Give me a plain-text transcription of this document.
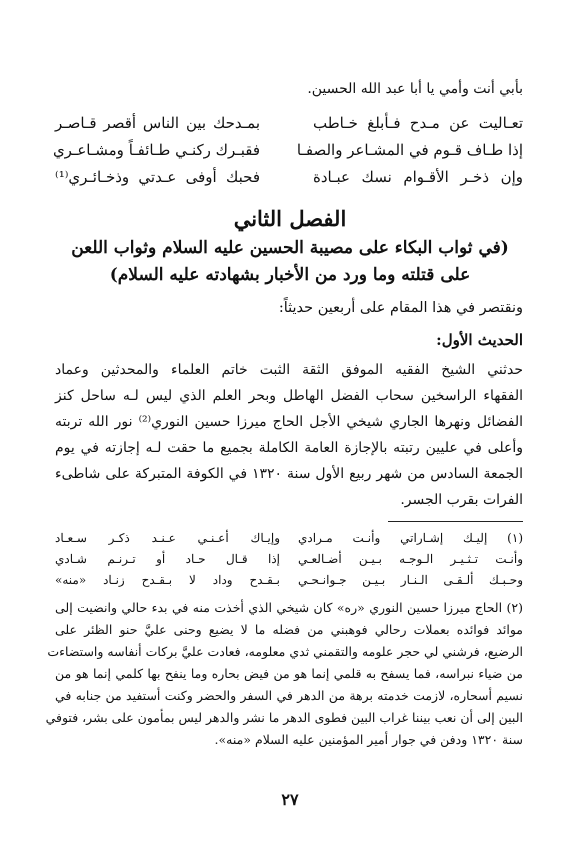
بأبي أنت وأمي يا أبا عبد الله الحسين.
تعـاليت عن مـدح فـأبلغ خـاطب
بمـدحك بين الناس أقصر قـاصـر
إذا طـاف قـوم في المشـاعر والصفـا
فقبـرك ركنـي طـائفـاً ومشـاعـري
وإن ذخـر الأقـوام نسك عبـادة
فحبك أوفى عـدتي وذخـائـري⁽¹⁾
الفصل الثاني
(في ثواب البكاء على مصيبة الحسين عليه السلام وثواب اللعن
على قتلته وما ورد من الأخبار بشهادته عليه السلام)
ونقتصر في هذا المقام على أربعين حديثاً:
الحديث الأول:
حدثني الشيخ الفقيه الموفق الثقة الثبت خاتم العلماء والمحدثين وعماد
الفقهاء الراسخين سحاب الفضل الهاطل وبحر العلم الذي ليس لـه ساحل كنز
الفضائل ونهرها الجاري شيخي الأجل الحاج ميرزا حسين النوري⁽²⁾ نور الله تربته
وأعلى في عليين رتبته بالإجازة العامة الكاملة بجميع ما حقت لـه إجازته في يوم
الجمعة السادس من شهر ربيع الأول سنة ١٣٢٠ في الكوفة المتبركة على شاطىء
الفرات بقرب الجسر.
(١) إليـك إشـاراتي وأنـت مـرادي
وإيـاك أعـنـي عـنـد ذكـر سـعـاد
وأنـت تـثـيـر الـوجـه بـيـن أضـالعـي
إذا قـال حـاد أو تـرنـم شـادي
وحـبـك ألـقـى الـنـار بـيـن جـوانـحـي
بـقـدح وداد لا بـقـدح زنـاد «منه»
(٢) الحاج ميرزا حسين النوري «ره» كان شيخي الذي أخذت منه في بدء حالي وانضيت إلى
موائد فوائده بعملات رحالي فوهبني من فضله ما لا يضيع وحنى عليَّ حنو الظئر على
الرضيع، فرشني لي حجر علومه والتقمني ثدي معلومه، فعادت عليَّ بركات أنفاسه واستضاءت
من ضياء نبراسه، فما يسفح به قلمي إنما هو من فيض بحاره وما ينفح بها كلمي إنما هو من
نسيم أسحاره، لازمت خدمته برهة من الدهر في السفر والحضر وكنت أستفيد من جنابه في
البين إلى أن نعب بيننا غراب البين فطوى الدهر ما نشر والدهر ليس بمأمون على بشر، فتوفي
سنة ١٣٢٠ ودفن في جوار أمير المؤمنين عليه السلام «منه».
٢٧
